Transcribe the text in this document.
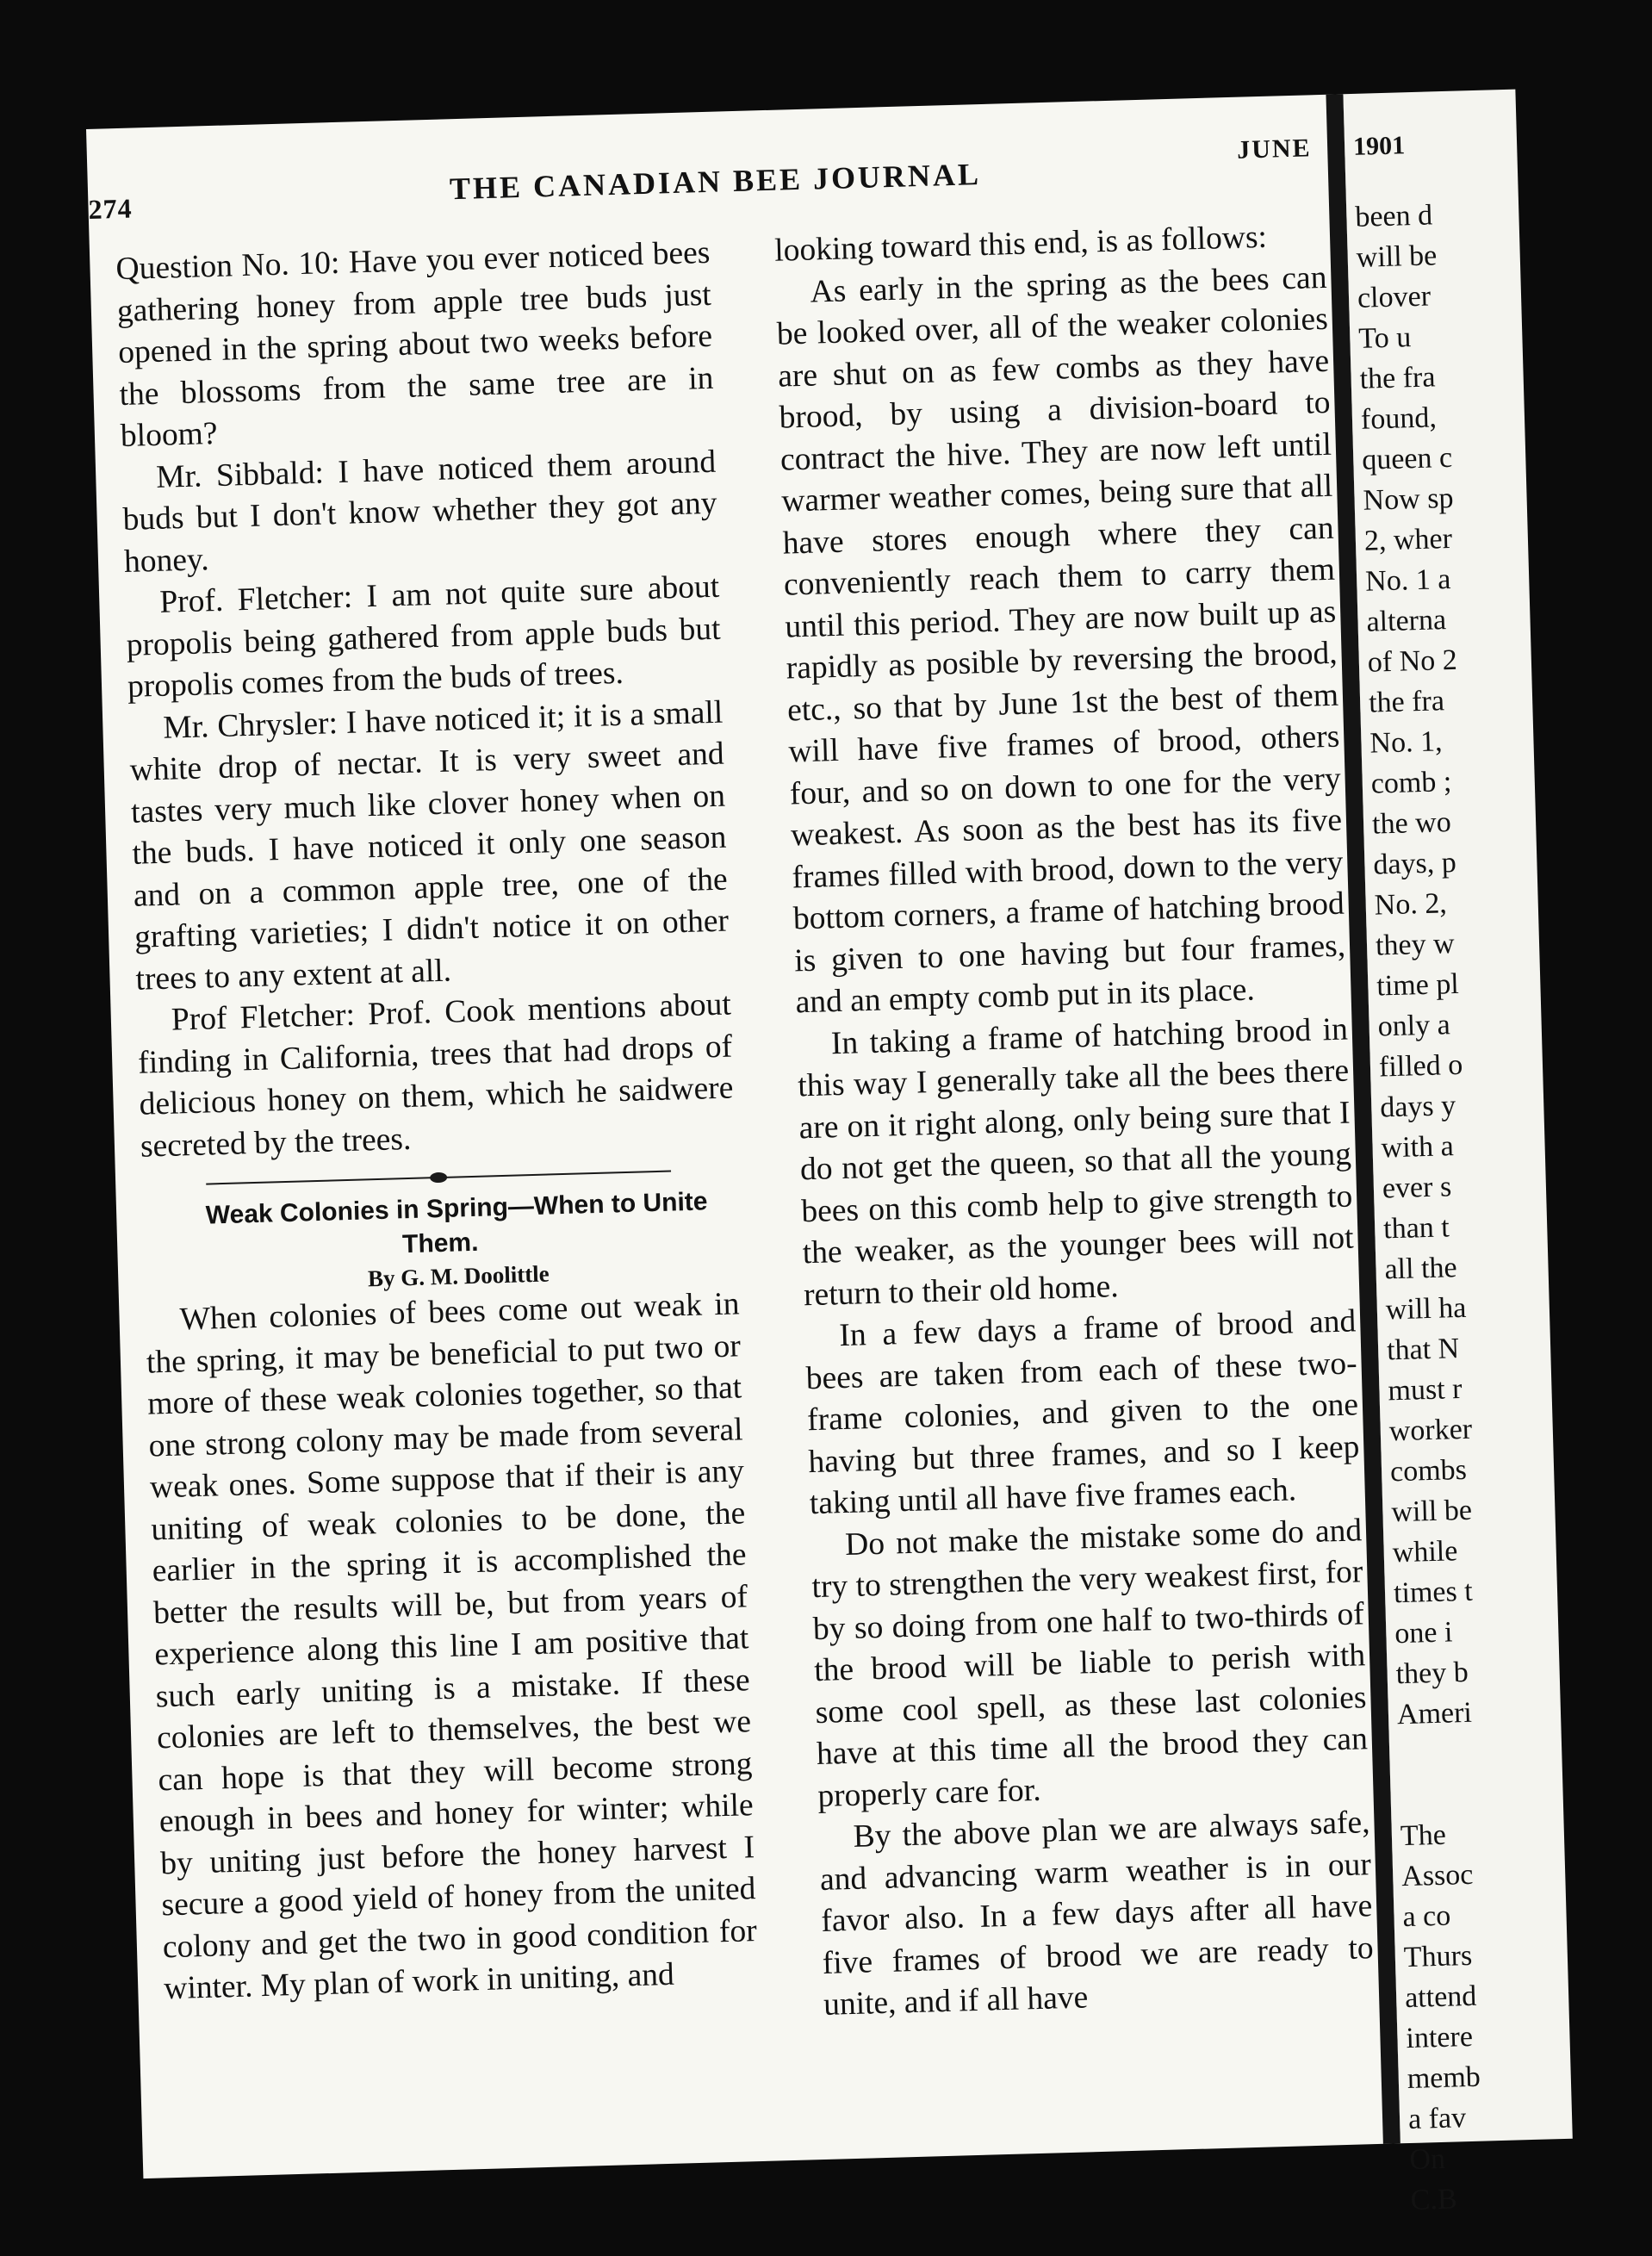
274
THE CANADIAN BEE JOURNAL
JUNE

Question No. 10: Have you ever noticed bees gathering honey from apple tree buds just opened in the spring about two weeks before the blossoms from the same tree are in bloom?

Mr. Sibbald: I have noticed them around buds but I don't know whether they got any honey.

Prof. Fletcher: I am not quite sure about propolis being gathered from apple buds but propolis comes from the buds of trees.

Mr. Chrysler: I have noticed it; it is a small white drop of nectar. It is very sweet and tastes very much like clover honey when on the buds. I have noticed it only one season and on a common apple tree, one of the grafting varieties; I didn't notice it on other trees to any extent at all.

Prof Fletcher: Prof. Cook mentions about finding in California, trees that had drops of delicious honey on them, which he saidwere secreted by the trees.

Weak Colonies in Spring—When to Unite Them.

By G. M. Doolittle

When colonies of bees come out weak in the spring, it may be beneficial to put two or more of these weak colonies together, so that one strong colony may be made from several weak ones. Some suppose that if their is any uniting of weak colonies to be done, the earlier in the spring it is accomplished the better the results will be, but from years of experience along this line I am positive that such early uniting is a mistake. If these colonies are left to themselves, the best we can hope is that they will become strong enough in bees and honey for winter; while by uniting just before the honey harvest I secure a good yield of honey from the united colony and get the two in good condition for winter. My plan of work in uniting, and

looking toward this end, is as follows:

As early in the spring as the bees can be looked over, all of the weaker colonies are shut on as few combs as they have brood, by using a division-board to contract the hive. They are now left until warmer weather comes, being sure that all have stores enough where they can conveniently reach them to carry them until this period. They are now built up as rapidly as posible by reversing the brood, etc., so that by June 1st the best of them will have five frames of brood, others four, and so on down to one for the very weakest. As soon as the best has its five frames filled with brood, down to the very bottom corners, a frame of hatching brood is given to one having but four frames, and an empty comb put in its place.

In taking a frame of hatching brood in this way I generally take all the bees there are on it right along, only being sure that I do not get the queen, so that all the young bees on this comb help to give strength to the weaker, as the younger bees will not return to their old home.

In a few days a frame of brood and bees are taken from each of these two-frame colonies, and given to the one having but three frames, and so I keep taking until all have five frames each.

Do not make the mistake some do and try to strengthen the very weakest first, for by so doing from one half to two-thirds of the brood will be liable to perish with some cool spell, as these last colonies have at this time all the brood they can properly care for.

By the above plan we are always safe, and advancing warm weather is in our favor also. In a few days after all have five frames of brood we are ready to unite, and if all have

1901
been d
will be
clover
To u
the fra
found,
queen c
Now sp
2, wher
No. 1 a
alterna
of No 2
the fra
No. 1,
comb ;
the wo
days, p
No. 2,
they w
time pl
only a
filled o
days y
with a
ever s
than t
all the
will ha
that N
must r
worker
combs
will be
while
times t
one i
they b
Ameri

The
Assoc
a co
Thurs
attend
intere
memb
a fav
On
C.B
